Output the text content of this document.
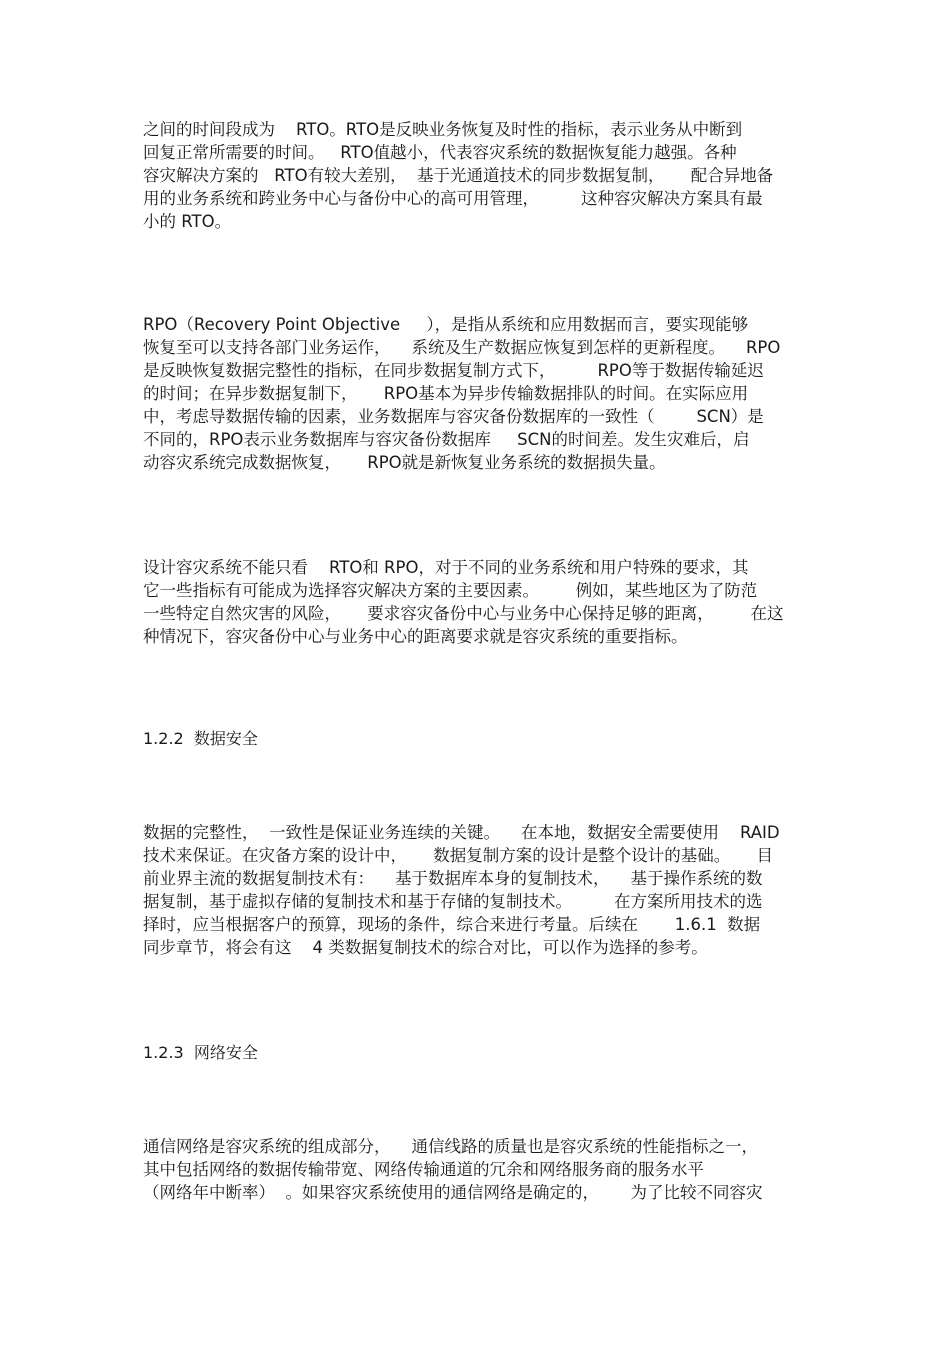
之间的时间段成为    RTO。RTO是反映业务恢复及时性的指标，表示业务从中断到
回复正常所需要的时间。   RTO值越小，代表容灾系统的数据恢复能力越强。各种
容灾解决方案的   RTO有较大差别，  基于光通道技术的同步数据复制，     配合异地备
用的业务系统和跨业务中心与备份中心的高可用管理，        这种容灾解决方案具有最
小的 RTO。
RPO（Recovery Point Objective     ），是指从系统和应用数据而言，要实现能够
恢复至可以支持各部门业务运作，    系统及生产数据应恢复到怎样的更新程度。    RPO
是反映恢复数据完整性的指标，在同步数据复制方式下，        RPO等于数据传输延迟
的时间；在异步数据复制下，     RPO基本为异步传输数据排队的时间。在实际应用
中，考虑导数据传输的因素，业务数据库与容灾备份数据库的一致性（        SCN）是
不同的，RPO表示业务数据库与容灾备份数据库     SCN的时间差。发生灾难后，启
动容灾系统完成数据恢复，     RPO就是新恢复业务系统的数据损失量。
设计容灾系统不能只看    RTO和 RPO，对于不同的业务系统和用户特殊的要求，其
它一些指标有可能成为选择容灾解决方案的主要因素。       例如，某些地区为了防范
一些特定自然灾害的风险，     要求容灾备份中心与业务中心保持足够的距离，       在这
种情况下，容灾备份中心与业务中心的距离要求就是容灾系统的重要指标。
1.2.2  数据安全
数据的完整性，  一致性是保证业务连续的关键。    在本地，数据安全需要使用    RAID
技术来保证。在灾备方案的设计中，     数据复制方案的设计是整个设计的基础。     目
前业界主流的数据复制技术有：    基于数据库本身的复制技术，    基于操作系统的数
据复制，基于虚拟存储的复制技术和基于存储的复制技术。        在方案所用技术的选
择时，应当根据客户的预算，现场的条件，综合来进行考量。后续在       1.6.1  数据
同步章节，将会有这    4 类数据复制技术的综合对比，可以作为选择的参考。
1.2.3  网络安全
通信网络是容灾系统的组成部分，    通信线路的质量也是容灾系统的性能指标之一，
其中包括网络的数据传输带宽、网络传输通道的冗余和网络服务商的服务水平
（网络年中断率）  。如果容灾系统使用的通信网络是确定的，      为了比较不同容灾
